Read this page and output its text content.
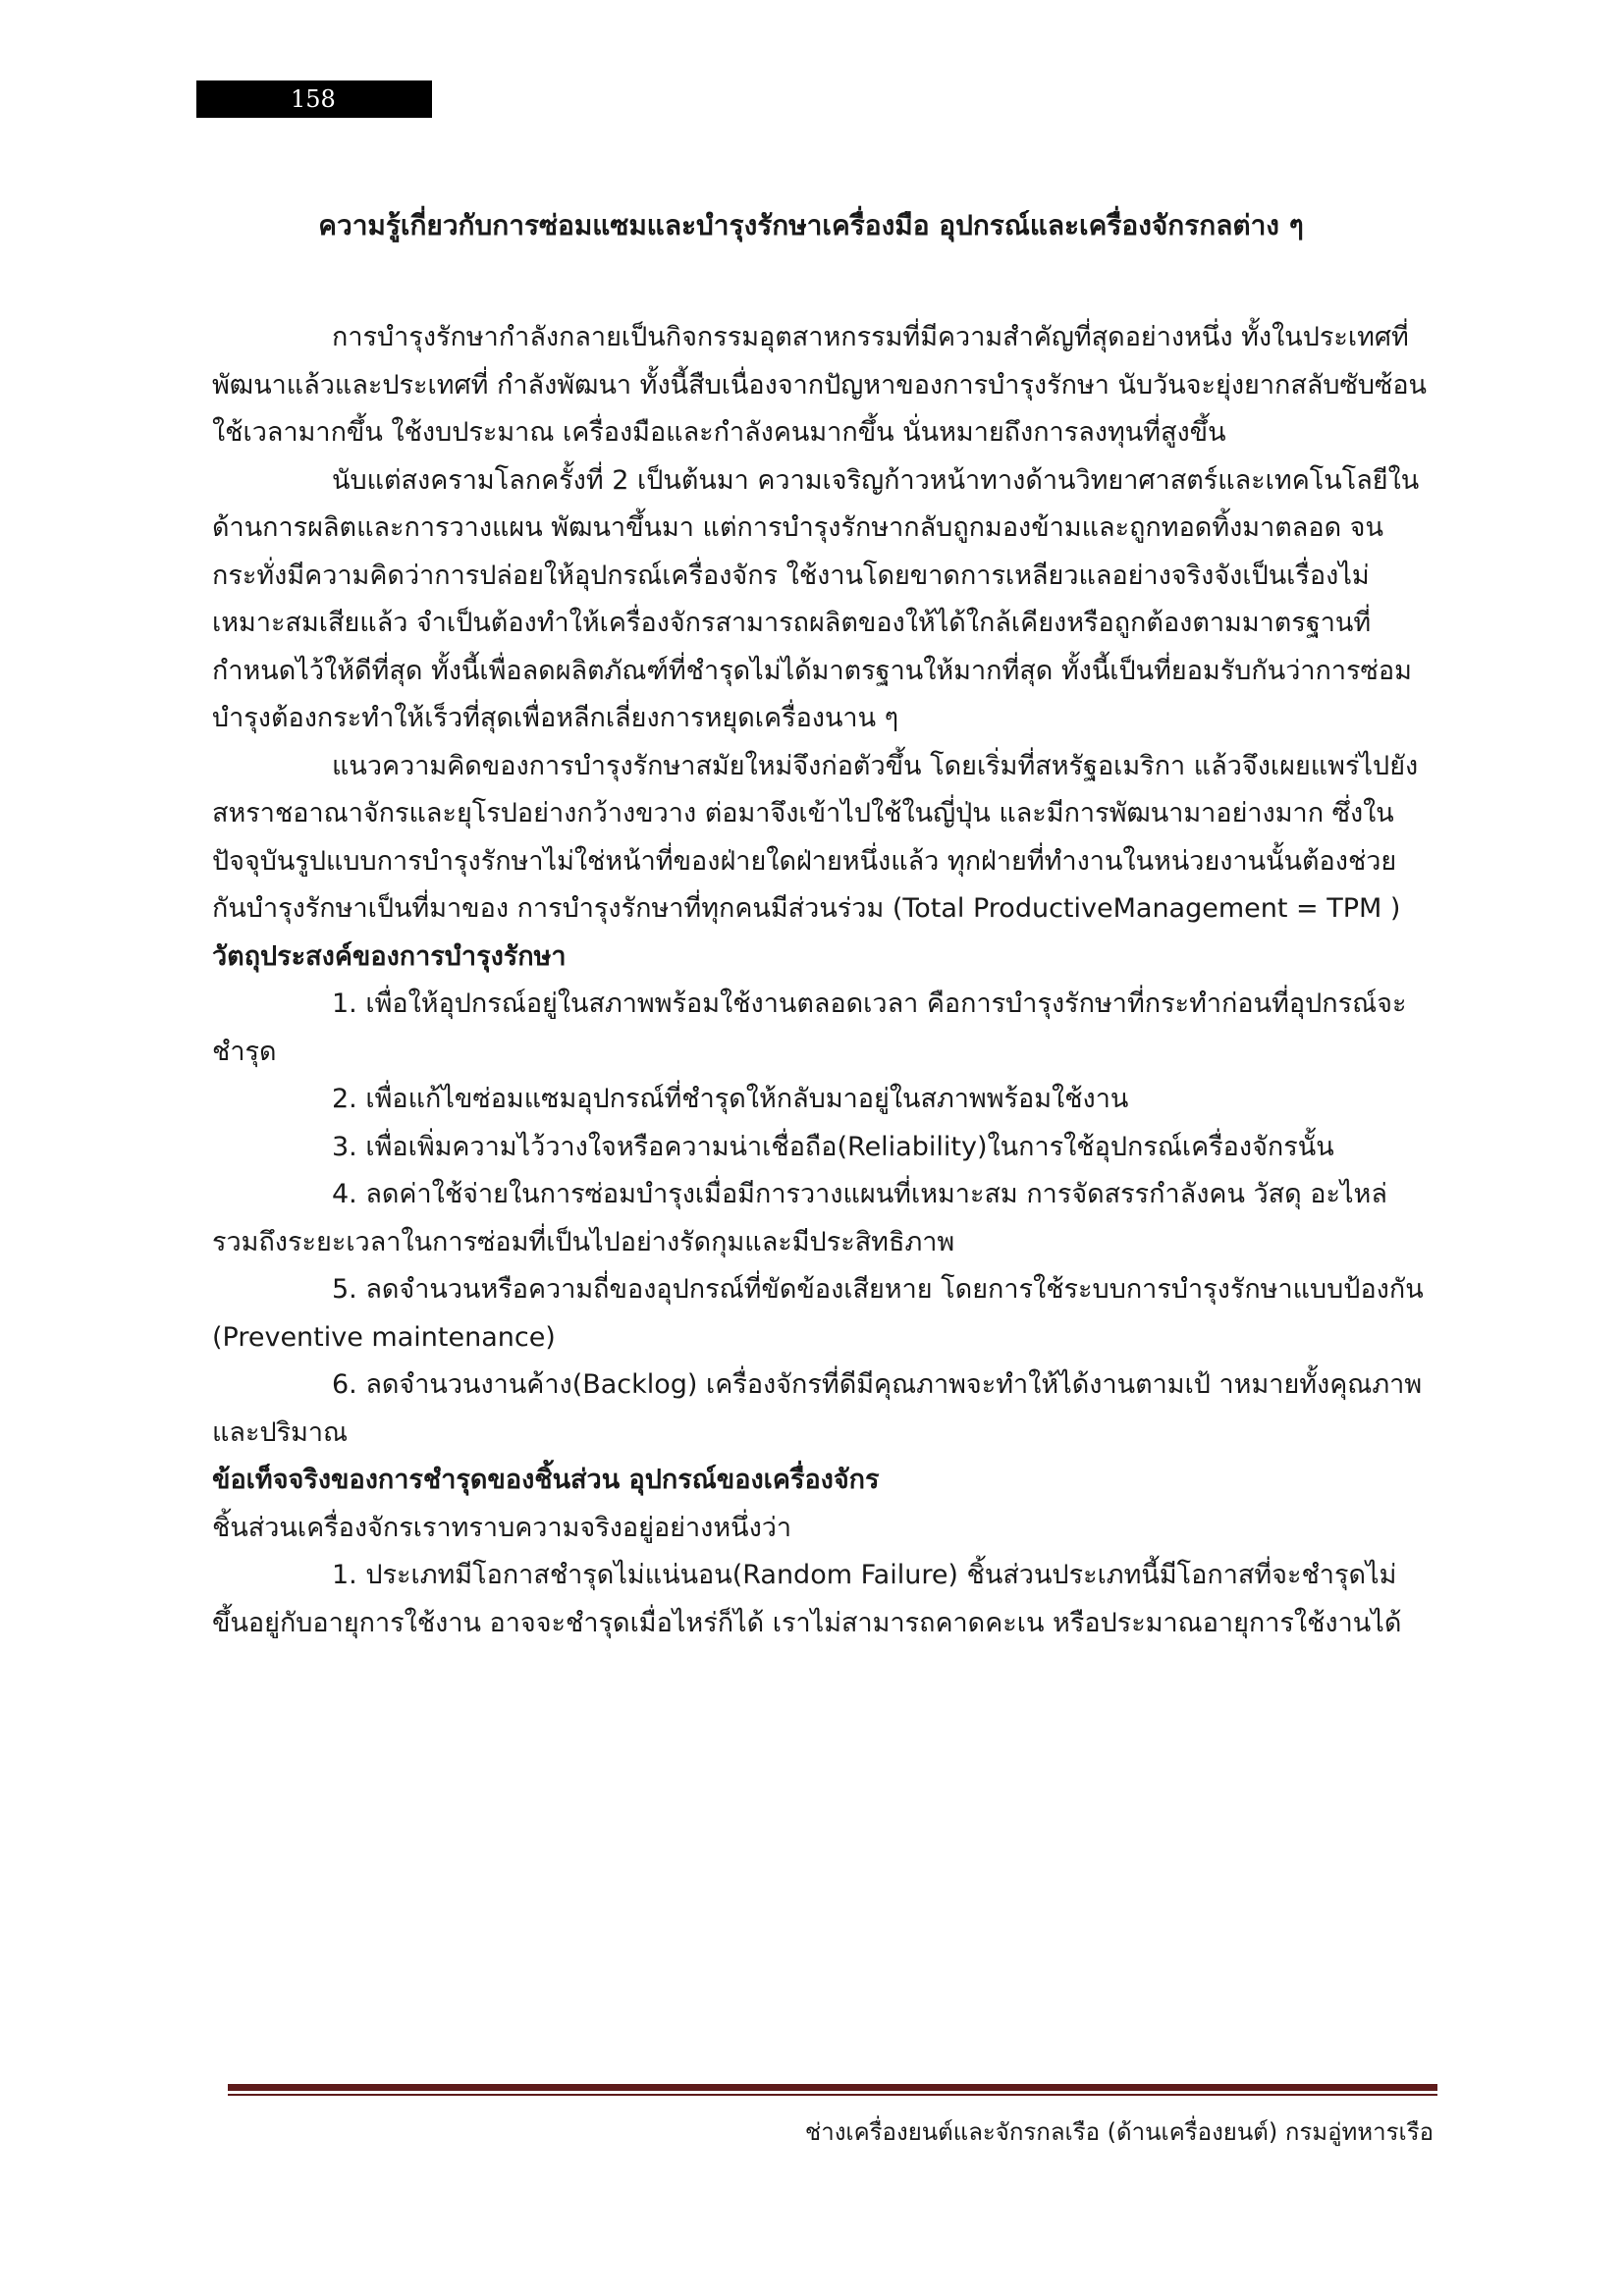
158
ความรู้เกี่ยวกับการซ่อมแซมและบำรุงรักษาเครื่องมือ อุปกรณ์และเครื่องจักรกลต่าง ๆ

การบำรุงรักษากำลังกลายเป็นกิจกรรมอุตสาหกรรมที่มีความสำคัญที่สุดอย่างหนึ่ง ทั้งในประเทศที่พัฒนาแล้วและประเทศที่ กำลังพัฒนา ทั้งนี้สืบเนื่องจากปัญหาของการบำรุงรักษา นับวันจะยุ่งยากสลับซับซ้อนใช้เวลามากขึ้น ใช้งบประมาณ เครื่องมือและกำลังคนมากขึ้น นั่นหมายถึงการลงทุนที่สูงขึ้น

นับแต่สงครามโลกครั้งที่ 2 เป็นต้นมา ความเจริญก้าวหน้าทางด้านวิทยาศาสตร์และเทคโนโลยีในด้านการผลิตและการวางแผน พัฒนาขึ้นมา แต่การบำรุงรักษากลับถูกมองข้ามและถูกทอดทิ้งมาตลอด จนกระทั่งมีความคิดว่าการปล่อยให้อุปกรณ์เครื่องจักร ใช้งานโดยขาดการเหลียวแลอย่างจริงจังเป็นเรื่องไม่เหมาะสมเสียแล้ว จำเป็นต้องทำให้เครื่องจักรสามารถผลิตของให้ได้ใกล้เคียงหรือถูกต้องตามมาตรฐานที่กำหนดไว้ให้ดีที่สุด ทั้งนี้เพื่อลดผลิตภัณฑ์ที่ชำรุดไม่ได้มาตรฐานให้มากที่สุด ทั้งนี้เป็นที่ยอมรับกันว่าการซ่อมบำรุงต้องกระทำให้เร็วที่สุดเพื่อหลีกเลี่ยงการหยุดเครื่องนาน ๆ

แนวความคิดของการบำรุงรักษาสมัยใหม่จึงก่อตัวขึ้น โดยเริ่มที่สหรัฐอเมริกา แล้วจึงเผยแพร่ไปยังสหราชอาณาจักรและยุโรปอย่างกว้างขวาง ต่อมาจึงเข้าไปใช้ในญี่ปุ่น และมีการพัฒนามาอย่างมาก ซึ่งในปัจจุบันรูปแบบการบำรุงรักษาไม่ใช่หน้าที่ของฝ่ายใดฝ่ายหนึ่งแล้ว ทุกฝ่ายที่ทำงานในหน่วยงานนั้นต้องช่วยกันบำรุงรักษาเป็นที่มาของ การบำรุงรักษาที่ทุกคนมีส่วนร่วม (Total ProductiveManagement = TPM )

วัตถุประสงค์ของการบำรุงรักษา

1. เพื่อให้อุปกรณ์อยู่ในสภาพพร้อมใช้งานตลอดเวลา คือการบำรุงรักษาที่กระทำก่อนที่อุปกรณ์จะชำรุด

2. เพื่อแก้ไขซ่อมแซมอุปกรณ์ที่ชำรุดให้กลับมาอยู่ในสภาพพร้อมใช้งาน

3. เพื่อเพิ่มความไว้วางใจหรือความน่าเชื่อถือ(Reliability)ในการใช้อุปกรณ์เครื่องจักรนั้น

4. ลดค่าใช้จ่ายในการซ่อมบำรุงเมื่อมีการวางแผนที่เหมาะสม การจัดสรรกำลังคน วัสดุ อะไหล่ รวมถึงระยะเวลาในการซ่อมที่เป็นไปอย่างรัดกุมและมีประสิทธิภาพ

5. ลดจำนวนหรือความถี่ของอุปกรณ์ที่ขัดข้องเสียหาย โดยการใช้ระบบการบำรุงรักษาแบบป้องกัน (Preventive maintenance)

6. ลดจำนวนงานค้าง(Backlog) เครื่องจักรที่ดีมีคุณภาพจะทำให้ได้งานตามเป้ าหมายทั้งคุณภาพและปริมาณ

ข้อเท็จจริงของการชำรุดของชิ้นส่วน อุปกรณ์ของเครื่องจักร

ชิ้นส่วนเครื่องจักรเราทราบความจริงอยู่อย่างหนึ่งว่า

1. ประเภทมีโอกาสชำรุดไม่แน่นอน(Random Failure) ชิ้นส่วนประเภทนี้มีโอกาสที่จะชำรุดไม่ขึ้นอยู่กับอายุการใช้งาน อาจจะชำรุดเมื่อไหร่ก็ได้ เราไม่สามารถคาดคะเน หรือประมาณอายุการใช้งานได้

ช่างเครื่องยนต์และจักรกลเรือ (ด้านเครื่องยนต์) กรมอู่ทหารเรือ
